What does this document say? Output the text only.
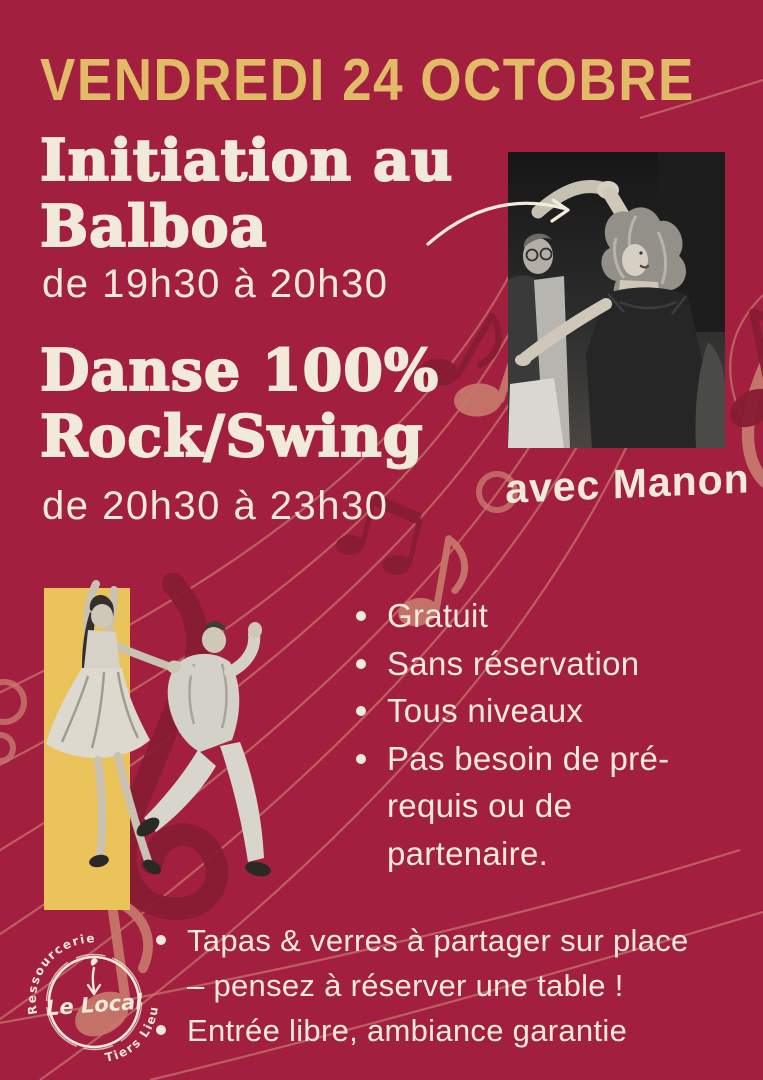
VENDREDI 24 OCTOBRE
Initiation au
Balboa
de 19h30 à 20h30
Danse 100%
Rock/Swing
de 20h30 à 23h30	avec Manon
Gratuit
Sans réservation
Tous niveaux
Pas besoin de pré-
requis ou de
partenaire.
Tapas & verres à partager sur place
– pensez à réserver une table !
Entrée libre, ambiance garantie
Le Local
Ressourcerie
Tiers Lieu
